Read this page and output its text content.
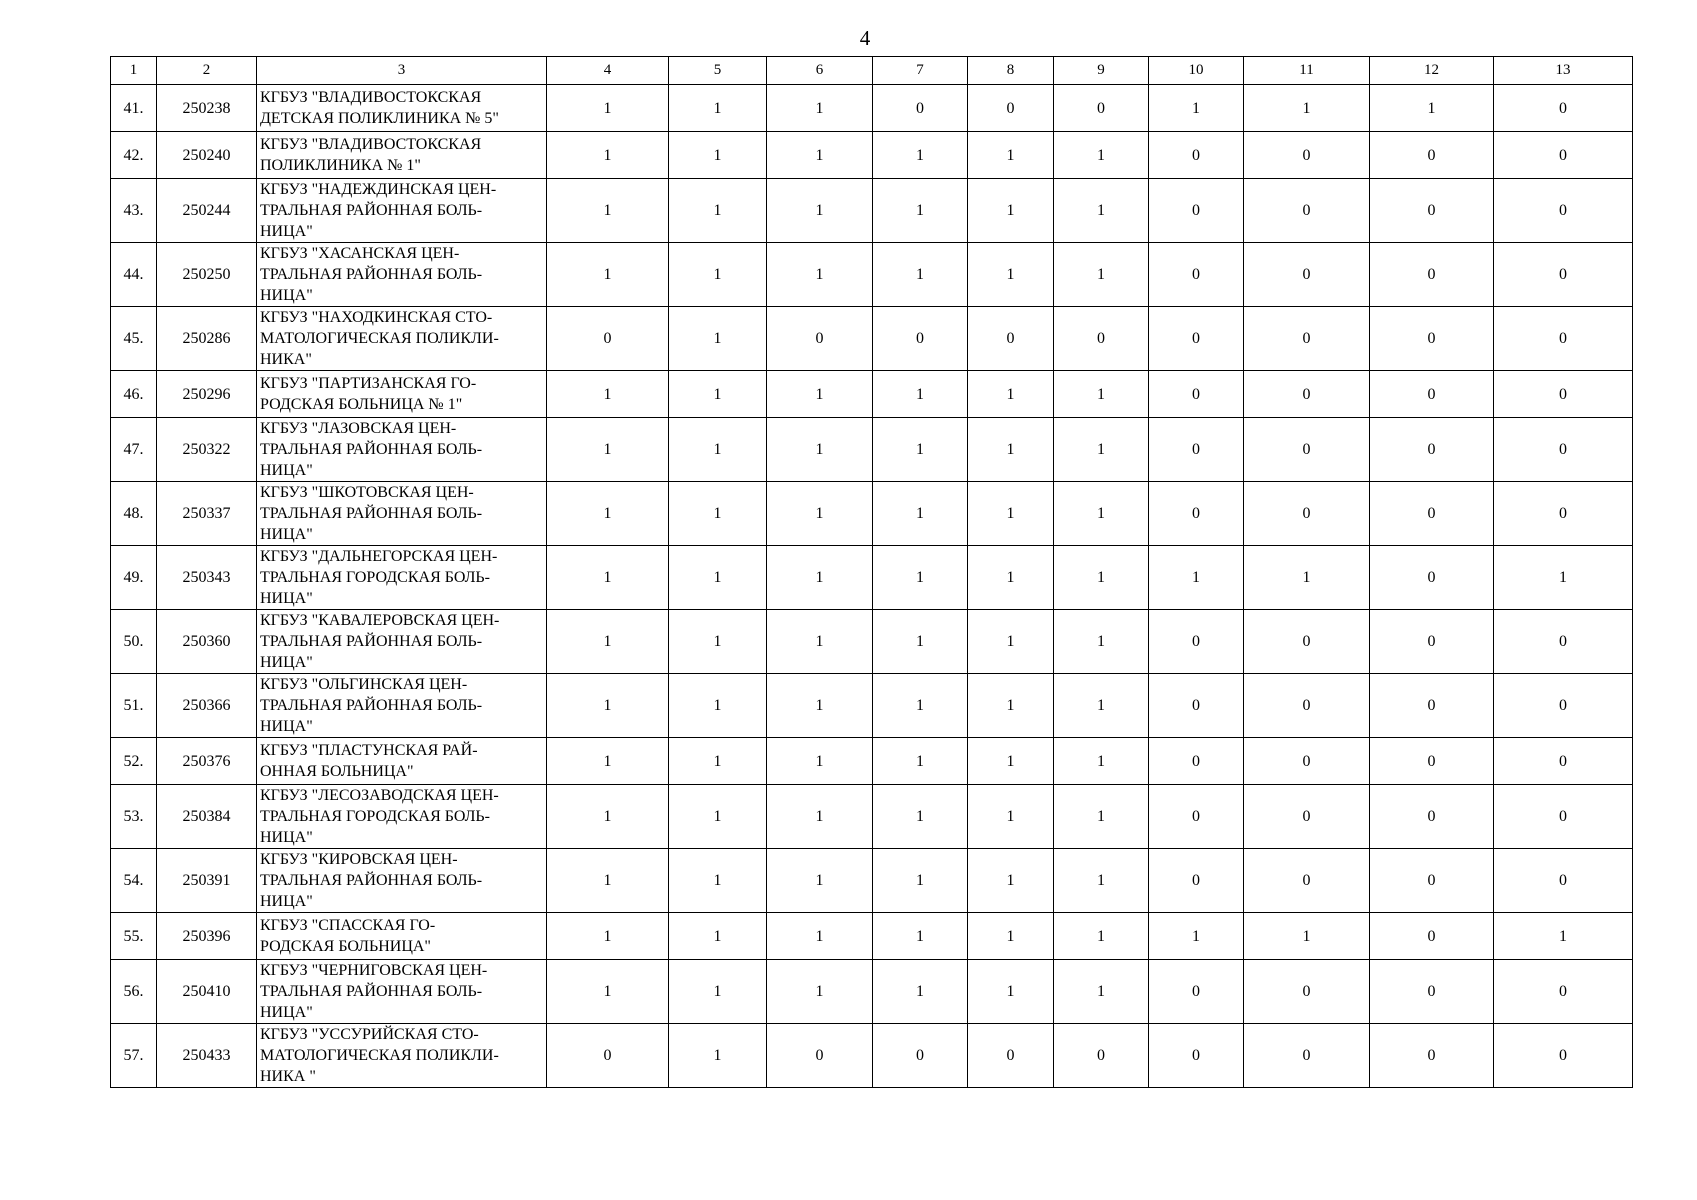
4
1	2	3	4	5	6	7	8	9	10	11	12	13
41.	250238	КГБУЗ "ВЛАДИВОСТОКСКАЯ
ДЕТСКАЯ ПОЛИКЛИНИКА № 5"	1	1	1	0	0	0	1	1	1	0
42.	250240	КГБУЗ "ВЛАДИВОСТОКСКАЯ
ПОЛИКЛИНИКА № 1"	1	1	1	1	1	1	0	0	0	0
43.	250244	КГБУЗ "НАДЕЖДИНСКАЯ ЦЕН-
ТРАЛЬНАЯ РАЙОННАЯ БОЛЬ-
НИЦА"	1	1	1	1	1	1	0	0	0	0
44.	250250	КГБУЗ "ХАСАНСКАЯ ЦЕН-
ТРАЛЬНАЯ РАЙОННАЯ БОЛЬ-
НИЦА"	1	1	1	1	1	1	0	0	0	0
45.	250286	КГБУЗ "НАХОДКИНСКАЯ СТО-
МАТОЛОГИЧЕСКАЯ ПОЛИКЛИ-
НИКА"	0	1	0	0	0	0	0	0	0	0
46.	250296	КГБУЗ "ПАРТИЗАНСКАЯ ГО-
РОДСКАЯ БОЛЬНИЦА № 1"	1	1	1	1	1	1	0	0	0	0
47.	250322	КГБУЗ "ЛАЗОВСКАЯ ЦЕН-
ТРАЛЬНАЯ РАЙОННАЯ БОЛЬ-
НИЦА"	1	1	1	1	1	1	0	0	0	0
48.	250337	КГБУЗ "ШКОТОВСКАЯ ЦЕН-
ТРАЛЬНАЯ РАЙОННАЯ БОЛЬ-
НИЦА"	1	1	1	1	1	1	0	0	0	0
49.	250343	КГБУЗ "ДАЛЬНЕГОРСКАЯ ЦЕН-
ТРАЛЬНАЯ ГОРОДСКАЯ БОЛЬ-
НИЦА"	1	1	1	1	1	1	1	1	0	1
50.	250360	КГБУЗ "КАВАЛЕРОВСКАЯ ЦЕН-
ТРАЛЬНАЯ РАЙОННАЯ БОЛЬ-
НИЦА"	1	1	1	1	1	1	0	0	0	0
51.	250366	КГБУЗ "ОЛЬГИНСКАЯ ЦЕН-
ТРАЛЬНАЯ РАЙОННАЯ БОЛЬ-
НИЦА"	1	1	1	1	1	1	0	0	0	0
52.	250376	КГБУЗ "ПЛАСТУНСКАЯ РАЙ-
ОННАЯ БОЛЬНИЦА"	1	1	1	1	1	1	0	0	0	0
53.	250384	КГБУЗ "ЛЕСОЗАВОДСКАЯ ЦЕН-
ТРАЛЬНАЯ ГОРОДСКАЯ БОЛЬ-
НИЦА"	1	1	1	1	1	1	0	0	0	0
54.	250391	КГБУЗ "КИРОВСКАЯ ЦЕН-
ТРАЛЬНАЯ РАЙОННАЯ БОЛЬ-
НИЦА"	1	1	1	1	1	1	0	0	0	0
55.	250396	КГБУЗ "СПАССКАЯ ГО-
РОДСКАЯ БОЛЬНИЦА"	1	1	1	1	1	1	1	1	0	1
56.	250410	КГБУЗ "ЧЕРНИГОВСКАЯ ЦЕН-
ТРАЛЬНАЯ РАЙОННАЯ БОЛЬ-
НИЦА"	1	1	1	1	1	1	0	0	0	0
57.	250433	КГБУЗ "УССУРИЙСКАЯ СТО-
МАТОЛОГИЧЕСКАЯ ПОЛИКЛИ-
НИКА "	0	1	0	0	0	0	0	0	0	0
